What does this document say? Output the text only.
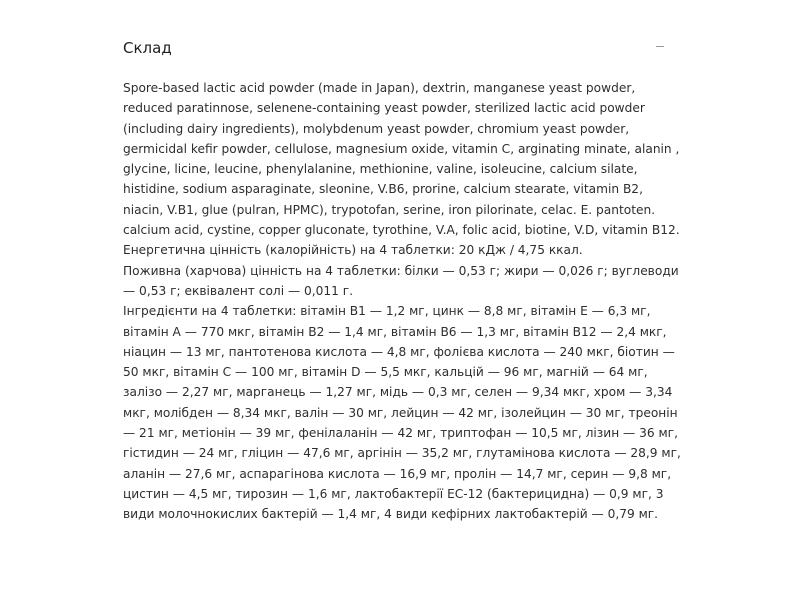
Склад

Spore-based lactic acid powder (made in Japan), dextrin, manganese yeast powder, reduced paratinnose, selenene-containing yeast powder, sterilized lactic acid powder (including dairy ingredients), molybdenum yeast powder, chromium yeast powder, germicidal kefir powder, cellulose, magnesium oxide, vitamin C, arginating minate, alanin , glycine, licine, leucine, phenylalanine, methionine, valine, isoleucine, calcium silate, histidine, sodium asparaginate, sleonine, V.B6, prorine, calcium stearate, vitamin B2, niacin, V.B1, glue (pulran, HPMC), trypotofan, serine, iron pilorinate, celac. E. pantoten. calcium acid, cystine, copper gluconate, tyrothine, V.A, folic acid, biotine, V.D, vitamin B12.

Енергетична цінність (калорійність) на 4 таблетки: 20 кДж / 4,75 ккал.

Поживна (харчова) цінність на 4 таблетки: білки — 0,53 г; жири — 0,026 г; вуглеводи — 0,53 г; еквівалент солі — 0,011 г.

Інгредієнти на 4 таблетки: вітамін B1 — 1,2 мг, цинк — 8,8 мг, вітамін E — 6,3 мг, вітамін A — 770 мкг, вітамін B2 — 1,4 мг, вітамін B6 — 1,3 мг, вітамін B12 — 2,4 мкг, ніацин — 13 мг, пантотенова кислота — 4,8 мг, фолієва кислота — 240 мкг, біотин — 50 мкг, вітамін C — 100 мг, вітамін D — 5,5 мкг, кальцій — 96 мг, магній — 64 мг, залізо — 2,27 мг, марганець — 1,27 мг, мідь — 0,3 мг, селен — 9,34 мкг, хром — 3,34 мкг, молібден — 8,34 мкг, валін — 30 мг, лейцин — 42 мг, ізолейцин — 30 мг, треонін — 21 мг, метіонін — 39 мг, фенілаланін — 42 мг, триптофан — 10,5 мг, лізин — 36 мг, гістидин — 24 мг, гліцин — 47,6 мг, аргінін — 35,2 мг, глутамінова кислота — 28,9 мг, аланін — 27,6 мг, аспарагінова кислота — 16,9 мг, пролін — 14,7 мг, серин — 9,8 мг, цистин — 4,5 мг, тирозин — 1,6 мг, лактобактерії EC-12 (бактерицидна) — 0,9 мг, 3 види молочнокислих бактерій — 1,4 мг, 4 види кефірних лактобактерій — 0,79 мг.
